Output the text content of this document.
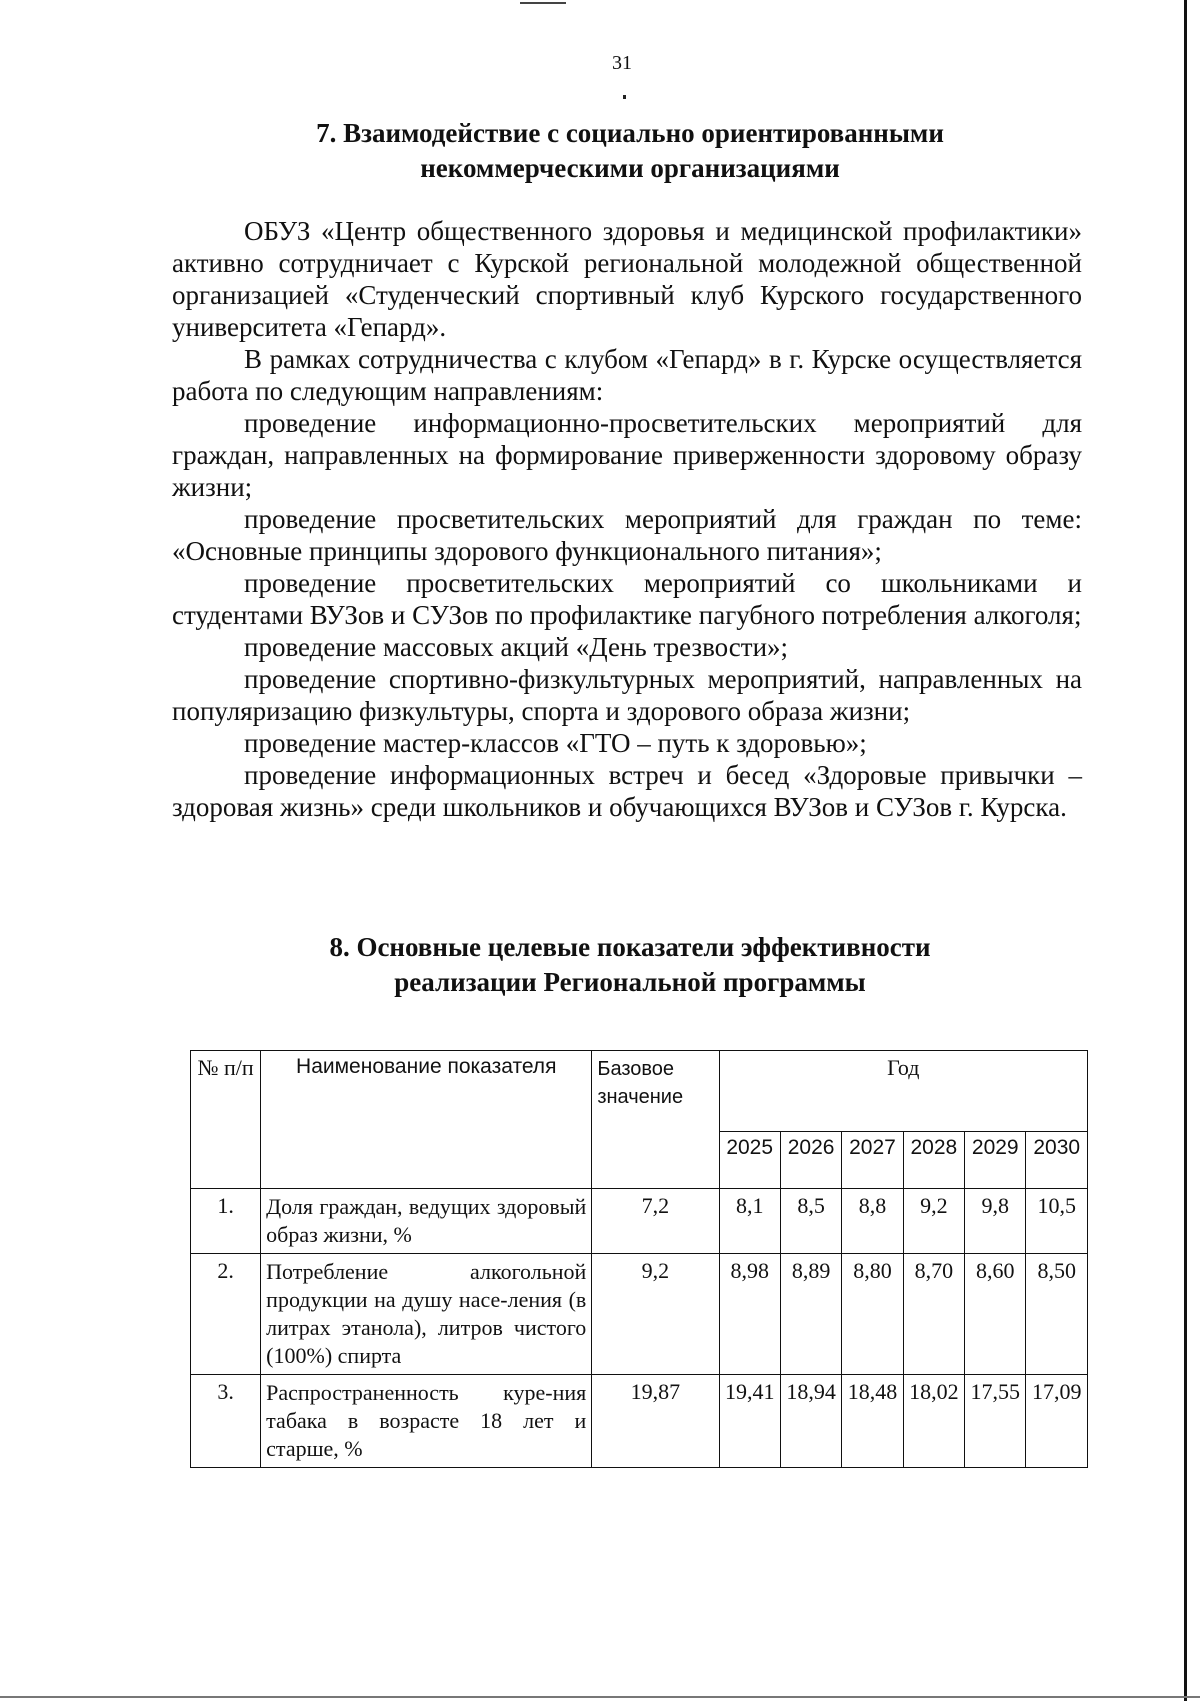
31
7. Взаимодействие с социально ориентированными
некоммерческими организациями

ОБУЗ «Центр общественного здоровья и медицинской профилактики» активно сотрудничает с Курской региональной молодежной общественной организацией «Студенческий спортивный клуб Курского государственного университета «Гепард».

В рамках сотрудничества с клубом «Гепард» в г. Курске осуществляется работа по следующим направлениям:

проведение информационно-просветительских мероприятий для граждан, направленных на формирование приверженности здоровому образу жизни;

проведение просветительских мероприятий для граждан по теме: «Основные принципы здорового функционального питания»;

проведение просветительских мероприятий со школьниками и студентами ВУЗов и СУЗов по профилактике пагубного потребления алкоголя;

проведение массовых акций «День трезвости»;

проведение спортивно-физкультурных мероприятий, направленных на популяризацию физкультуры, спорта и здорового образа жизни;

проведение мастер-классов «ГТО – путь к здоровью»;

проведение информационных встреч и бесед «Здоровые привычки – здоровая жизнь» среди школьников и обучающихся ВУЗов и СУЗов г. Курска.

8. Основные целевые показатели эффективности
реализации Региональной программы
№ п/п	Наименование показателя	Базовое значение	Год					
			2025	2026	2027	2028	2029	2030
1.	Доля граждан, ведущих здоровый образ жизни, %	7,2	8,1	8,5	8,8	9,2	9,8	10,5
2.	Потребление алкогольной продукции на душу насе-ления (в литрах этанола), литров чистого (100%) спирта	9,2	8,98	8,89	8,80	8,70	8,60	8,50
3.	Распространенность куре-ния табака в возрасте 18 лет и старше, %	19,87	19,41	18,94	18,48	18,02	17,55	17,09
